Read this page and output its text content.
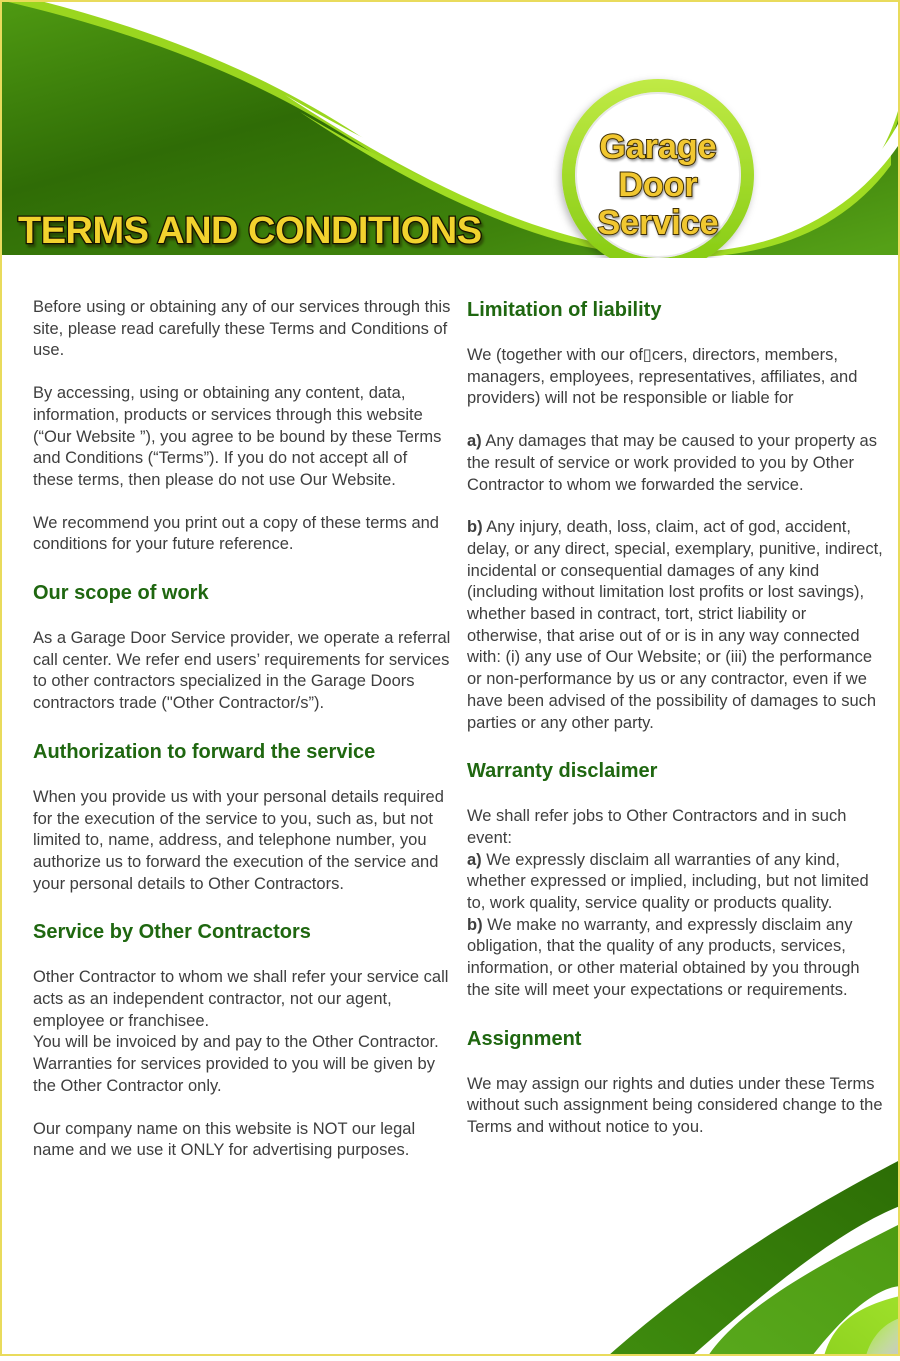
Garage
Door
Service
TERMS AND CONDITIONS

Before using or obtaining any of our services through this site, please read carefully these Terms and Conditions of use.

By accessing, using or obtaining any content, data, information, products or services through this website (“Our Website ”), you agree to be bound by these Terms and Conditions (“Terms”). If you do not accept all of these terms, then please do not use Our Website.

We recommend you print out a copy of these terms and conditions for your future reference.

Our scope of work

As a Garage Door Service provider, we operate a referral call center. We refer end users’ requirements for services to other contractors specialized in the Garage Doors contractors trade ("Other Contractor/s”).

Authorization to forward the service

When you provide us with your personal details required for the execution of the service to you, such as, but not limited to, name, address, and telephone number, you authorize us to forward the execution of the service and your personal details to Other Contractors.

Service by Other Contractors

Other Contractor to whom we shall refer your service call acts as an independent contractor, not our agent, employee or franchisee.
You will be invoiced by and pay to the Other Contractor.
Warranties for services provided to you will be given by the Other Contractor only.

Our company name on this website is NOT our legal name and we use it ONLY for advertising purposes.

Limitation of liability

We (together with our of▯cers, directors, members, managers, employees, representatives, affiliates, and providers) will not be responsible or liable for

a) Any damages that may be caused to your property as the result of service or work provided to you by Other Contractor to whom we forwarded the service.

b) Any injury, death, loss, claim, act of god, accident, delay, or any direct, special, exemplary, punitive, indirect, incidental or consequential damages of any kind (including without limitation lost profits or lost savings), whether based in contract, tort, strict liability or otherwise, that arise out of or is in any way connected with: (i) any use of Our Website; or (iii) the performance or non-performance by us or any contractor, even if we have been advised of the possibility of damages to such parties or any other party.

Warranty disclaimer

We shall refer jobs to Other Contractors and in such event:
a) We expressly disclaim all warranties of any kind, whether expressed or implied, including, but not limited to, work quality, service quality or products quality.
b) We make no warranty, and expressly disclaim any obligation, that the quality of any products, services, information, or other material obtained by you through the site will meet your expectations or requirements.

Assignment

We may assign our rights and duties under these Terms without such assignment being considered change to the Terms and without notice to you.
